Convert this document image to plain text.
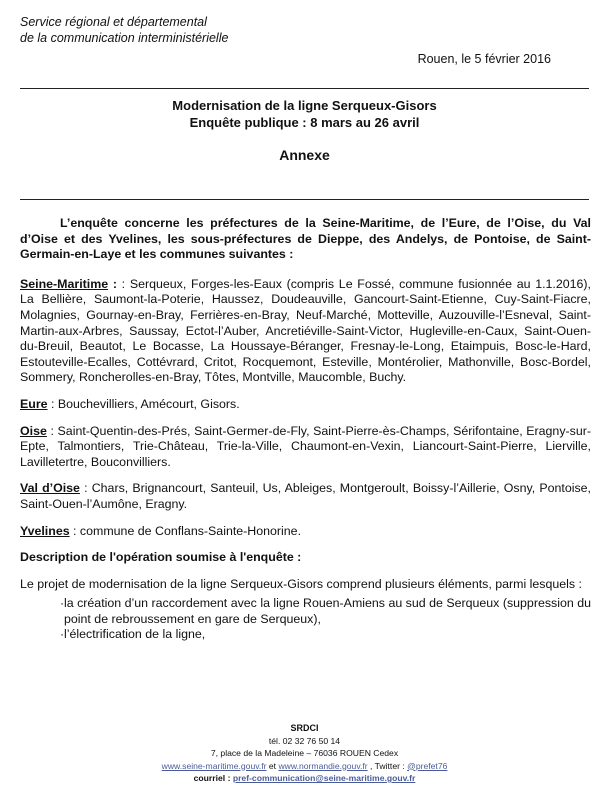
Service régional et départemental
de la communication interministérielle
Rouen, le 5 février 2016
Modernisation de la ligne Serqueux-Gisors
Enquête publique : 8 mars au 26 avril
Annexe

L’enquête concerne les préfectures de la Seine-Maritime, de l’Eure, de l’Oise, du Val d’Oise et des Yvelines, les sous-préfectures de Dieppe, des Andelys, de Pontoise, de Saint-Germain-en-Laye et les communes suivantes :

Seine-Maritime : : Serqueux, Forges-les-Eaux (compris Le Fossé, commune fusionnée au 1.1.2016), La Bellière, Saumont-la-Poterie, Haussez, Doudeauville, Gancourt-Saint-Etienne, Cuy-Saint-Fiacre, Molagnies, Gournay-en-Bray, Ferrières-en-Bray, Neuf-Marché, Motteville, Auzouville-l’Esneval, Saint-Martin-aux-Arbres, Saussay, Ectot-l’Auber, Ancretiéville-Saint-Victor, Hugleville-en-Caux, Saint-Ouen-du-Breuil, Beautot, Le Bocasse, La Houssaye-Béranger, Fresnay-le-Long, Etaimpuis, Bosc-le-Hard, Estouteville-Ecalles, Cottévrard, Critot, Rocquemont, Esteville, Montérolier, Mathonville, Bosc-Bordel, Sommery, Roncherolles-en-Bray, Tôtes, Montville, Maucomble, Buchy.

Eure : Bouchevilliers, Amécourt, Gisors.

Oise : Saint-Quentin-des-Prés, Saint-Germer-de-Fly, Saint-Pierre-ès-Champs, Sérifontaine, Eragny-sur-Epte, Talmontiers, Trie-Château, Trie-la-Ville, Chaumont-en-Vexin, Liancourt-Saint-Pierre, Lierville, Lavilletertre, Bouconvilliers.

Val d’Oise : Chars, Brignancourt, Santeuil, Us, Ableiges, Montgeroult, Boissy-l’Aillerie, Osny, Pontoise, Saint-Ouen-l’Aumône, Eragny.

Yvelines : commune de Conflans-Sainte-Honorine.

Description de l'opération soumise à l'enquête :

Le projet de modernisation de la ligne Serqueux-Gisors comprend plusieurs éléments, parmi lesquels :

· la création d’un raccordement avec la ligne Rouen-Amiens au sud de Serqueux (suppression du point de rebroussement en gare de Serqueux),
· l’électrification de la ligne,
SRDCI
tél. 02 32 76 50 14
7, place de la Madeleine – 76036 ROUEN Cedex
www.seine-maritime.gouv.fr et www.normandie.gouv.fr , Twitter : @prefet76
courriel : pref-communication@seine-maritime.gouv.fr
